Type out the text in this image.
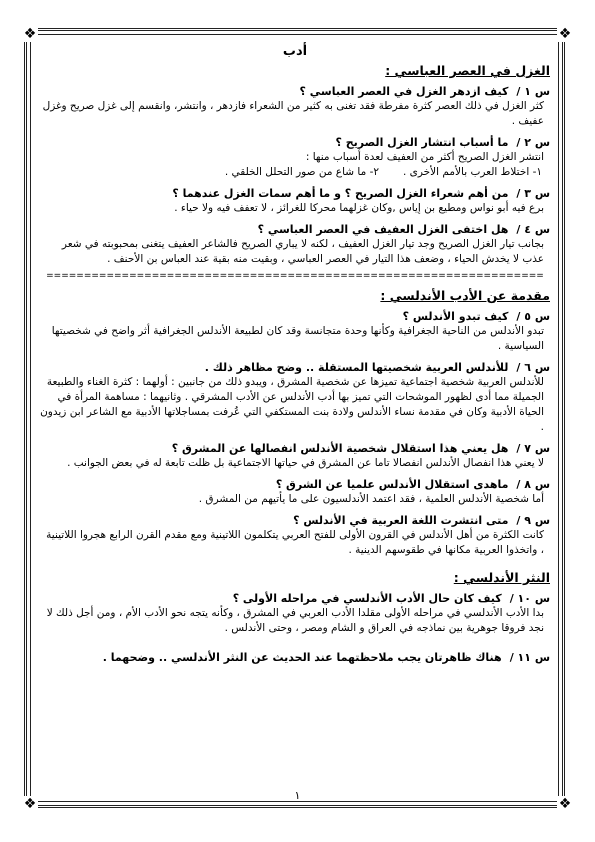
❖	❖
❖	❖
أدب
الغزل في العصر العباسي :
س ١ /كيف ازدهر الغزل في العصر العباسي ؟
كثر الغزل في ذلك العصر كثرة مفرطة فقد تغنى به كثير من الشعراء فازدهر ، وانتشر، وانقسم إلى غزل صريح وغزل عفيف .
س ٢ /ما أسباب انتشار الغزل الصريح ؟
انتشر الغزل الصريح أكثر من العفيف لعدة أسباب منها :
١- اختلاط العرب بالأمم الأخرى .
٢- ما شاع من صور التحلل الخلقي .
س ٣ /من أهم شعراء الغزل الصريح ؟ و ما أهم سمات الغزل عندهما ؟
برع فيه أبو نواس ومطيع بن إياس ,وكان غزلهما محركا للغرائز ، لا تعفف فيه ولا حياء .
س ٤ /هل اختفى الغزل العفيف في العصر العباسي ؟
بجانب تيار الغزل الصريح وجد تيار الغزل العفيف ، لكنه لا يباري الصريح فالشاعر العفيف يتغنى بمحبوبته في شعر عذب لا يخدش الحياء ، وضعف هذا التيار في العصر العباسي ، وبقيت منه بقية عند العباس بن الأحنف .
==================================================================
مقدمة عن الأدب الأندلسي :
س ٥ /كيف تبدو الأندلس ؟
تبدو الأندلس من الناحية الجغرافية وكأنها وحدة متجانسة وقد كان لطبيعة الأندلس الجغرافية أثر واضح في شخصيتها السياسية .
س ٦ /للأندلس العربية شخصيتها المستقلة .. وضح مظاهر ذلك .
للأندلس العربية شخصية اجتماعية تميزها عن شخصية المشرق ، ويبدو ذلك من جانبين : أولهما : كثرة الغناء والطبيعة الجميلة مما أدى لظهور الموشحات التي تميز بها أدب الأندلس عن الأدب المشرقي . وثانيهما : مساهمة المرأة في الحياة الأدبية وكان في مقدمة نساء الأندلس ولادة بنت المستكفي التي عُرفت بمساجلاتها الأدبية مع الشاعر ابن زيدون .
س ٧ /هل يعني هذا استقلال شخصية الأندلس انفصالها عن المشرق ؟
لا يعني هذا انفصال الأندلس انفصالا تاما عن المشرق في حياتها الاجتماعية بل ظلت تابعة له في بعض الجوانب .
س ٨ /ماهدى استقلال الأندلس علميا عن الشرق ؟
أما شخصية الأندلس العلمية ، فقد اعتمد الأندلسيون على ما يأتيهم من المشرق .
س ٩ /متى انتشرت اللغة العربية في الأندلس ؟
كانت الكثرة من أهل الأندلس في القرون الأولى للفتح العربي يتكلمون اللاتينية ومع مقدم القرن الرابع هجروا اللاتينية ، واتخذوا العربية مكانها في طقوسهم الدينية .
النثر الأندلسي :
س ١٠ /كيف كان حال الأدب الأندلسي في مراحله الأولى ؟
بدا الأدب الأندلسي في مراحله الأولى مقلدا الأدب العربي في المشرق ، وكأنه يتجه نحو الأدب الأم ، ومن أجل ذلك لا نجد فروقا جوهرية بين نماذجه في العراق و الشام ومصر ، وحتى الأندلس .
س ١١ /هناك ظاهرتان يجب ملاحظتهما عند الحديث عن النثر الأندلسي .. وضحهما .
١
